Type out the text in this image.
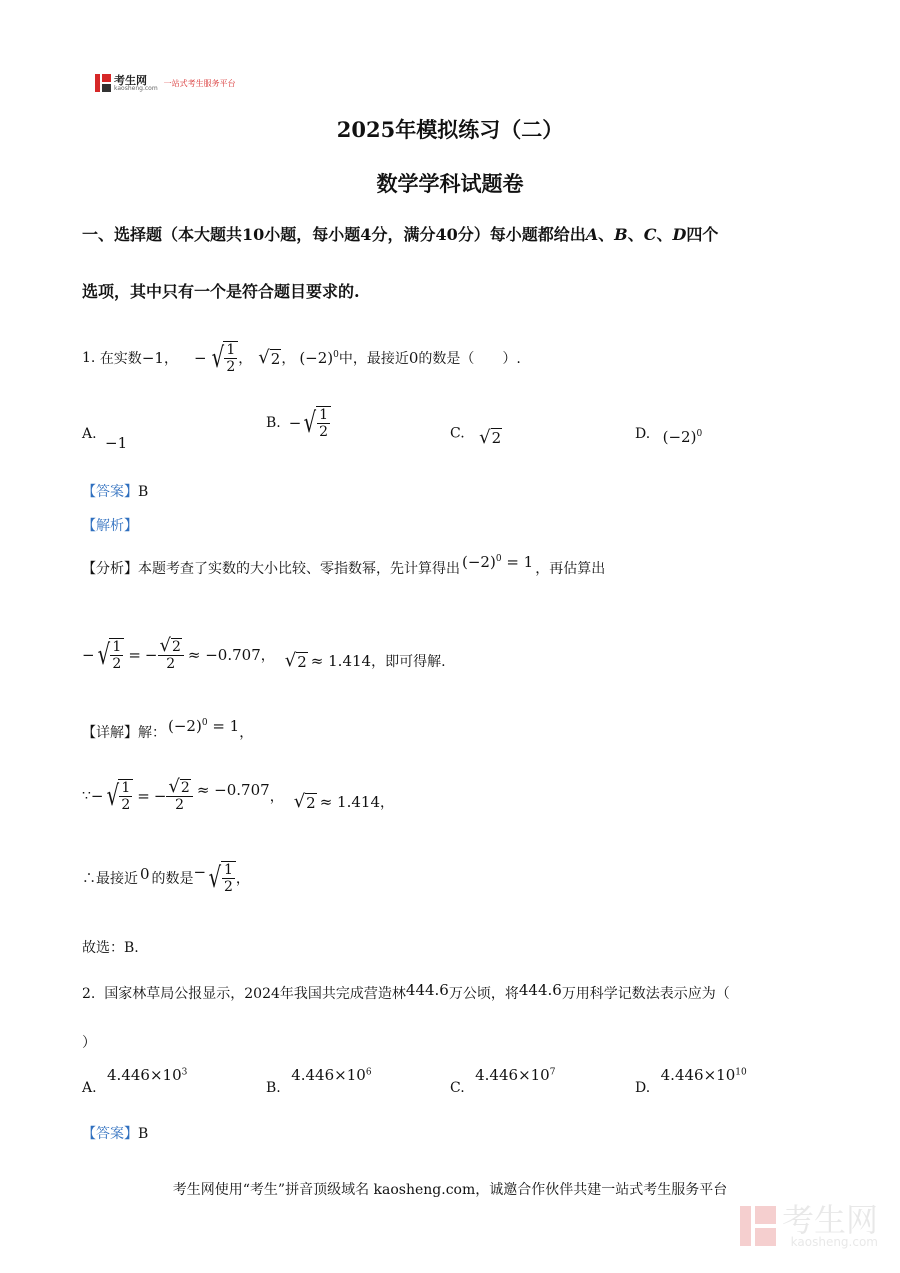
考生网
kaosheng.com
一站式考生服务平台
2025年模拟练习（二）
数学学科试题卷
一、选择题（本大题共10小题，每小题4分，满分40分）每小题都给出A、B、C、D四个
选项，其中只有一个是符合题目要求的.
1.
在实数 −1 ， − √ $\frac{1}{2}$ ， √ 2 ， $(-2)^0$ 中，最接近 0 的数是（　　）.
A. −1
B. − √ $\frac{1}{2}$	C. √ 2	D. $(-2)^0$
【答案】B
【解析】
【分析】 本题考查了实数的大小比较、零指数幂，先计算得出 $(-2)^0 = 1$ ，再估算出
− √ $\frac{1}{2}$ = − $\frac{√ 2}{2} \approx -0.707$ ， √ 2 ≈ 1.414 ，即可得解.
【详解】 解： $(-2)^0 = 1$ ，
∵ − √ $\frac{1}{2}$ = − $\frac{√ 2}{2} \approx -0.707$ ， √ 2 ≈ 1.414 ，
∴最接近 0 的数是 − √ $\frac{1}{2}$ ，
故选：B.
2. 国家林草局公报显示，2024年我国共完成营造林444.6万公顷，将444.6万用科学记数法表示应为（
）
A. $4.446\times 10^3$
B. $4.446\times 10^6$
C. $4.446\times 10^7$
D. $4.446\times 10^{10}$
【答案】B
考生网使用“考生”拼音顶级域名 kaosheng.com，诚邀合作伙伴共建一站式考生服务平台
考生网
kaosheng.com
